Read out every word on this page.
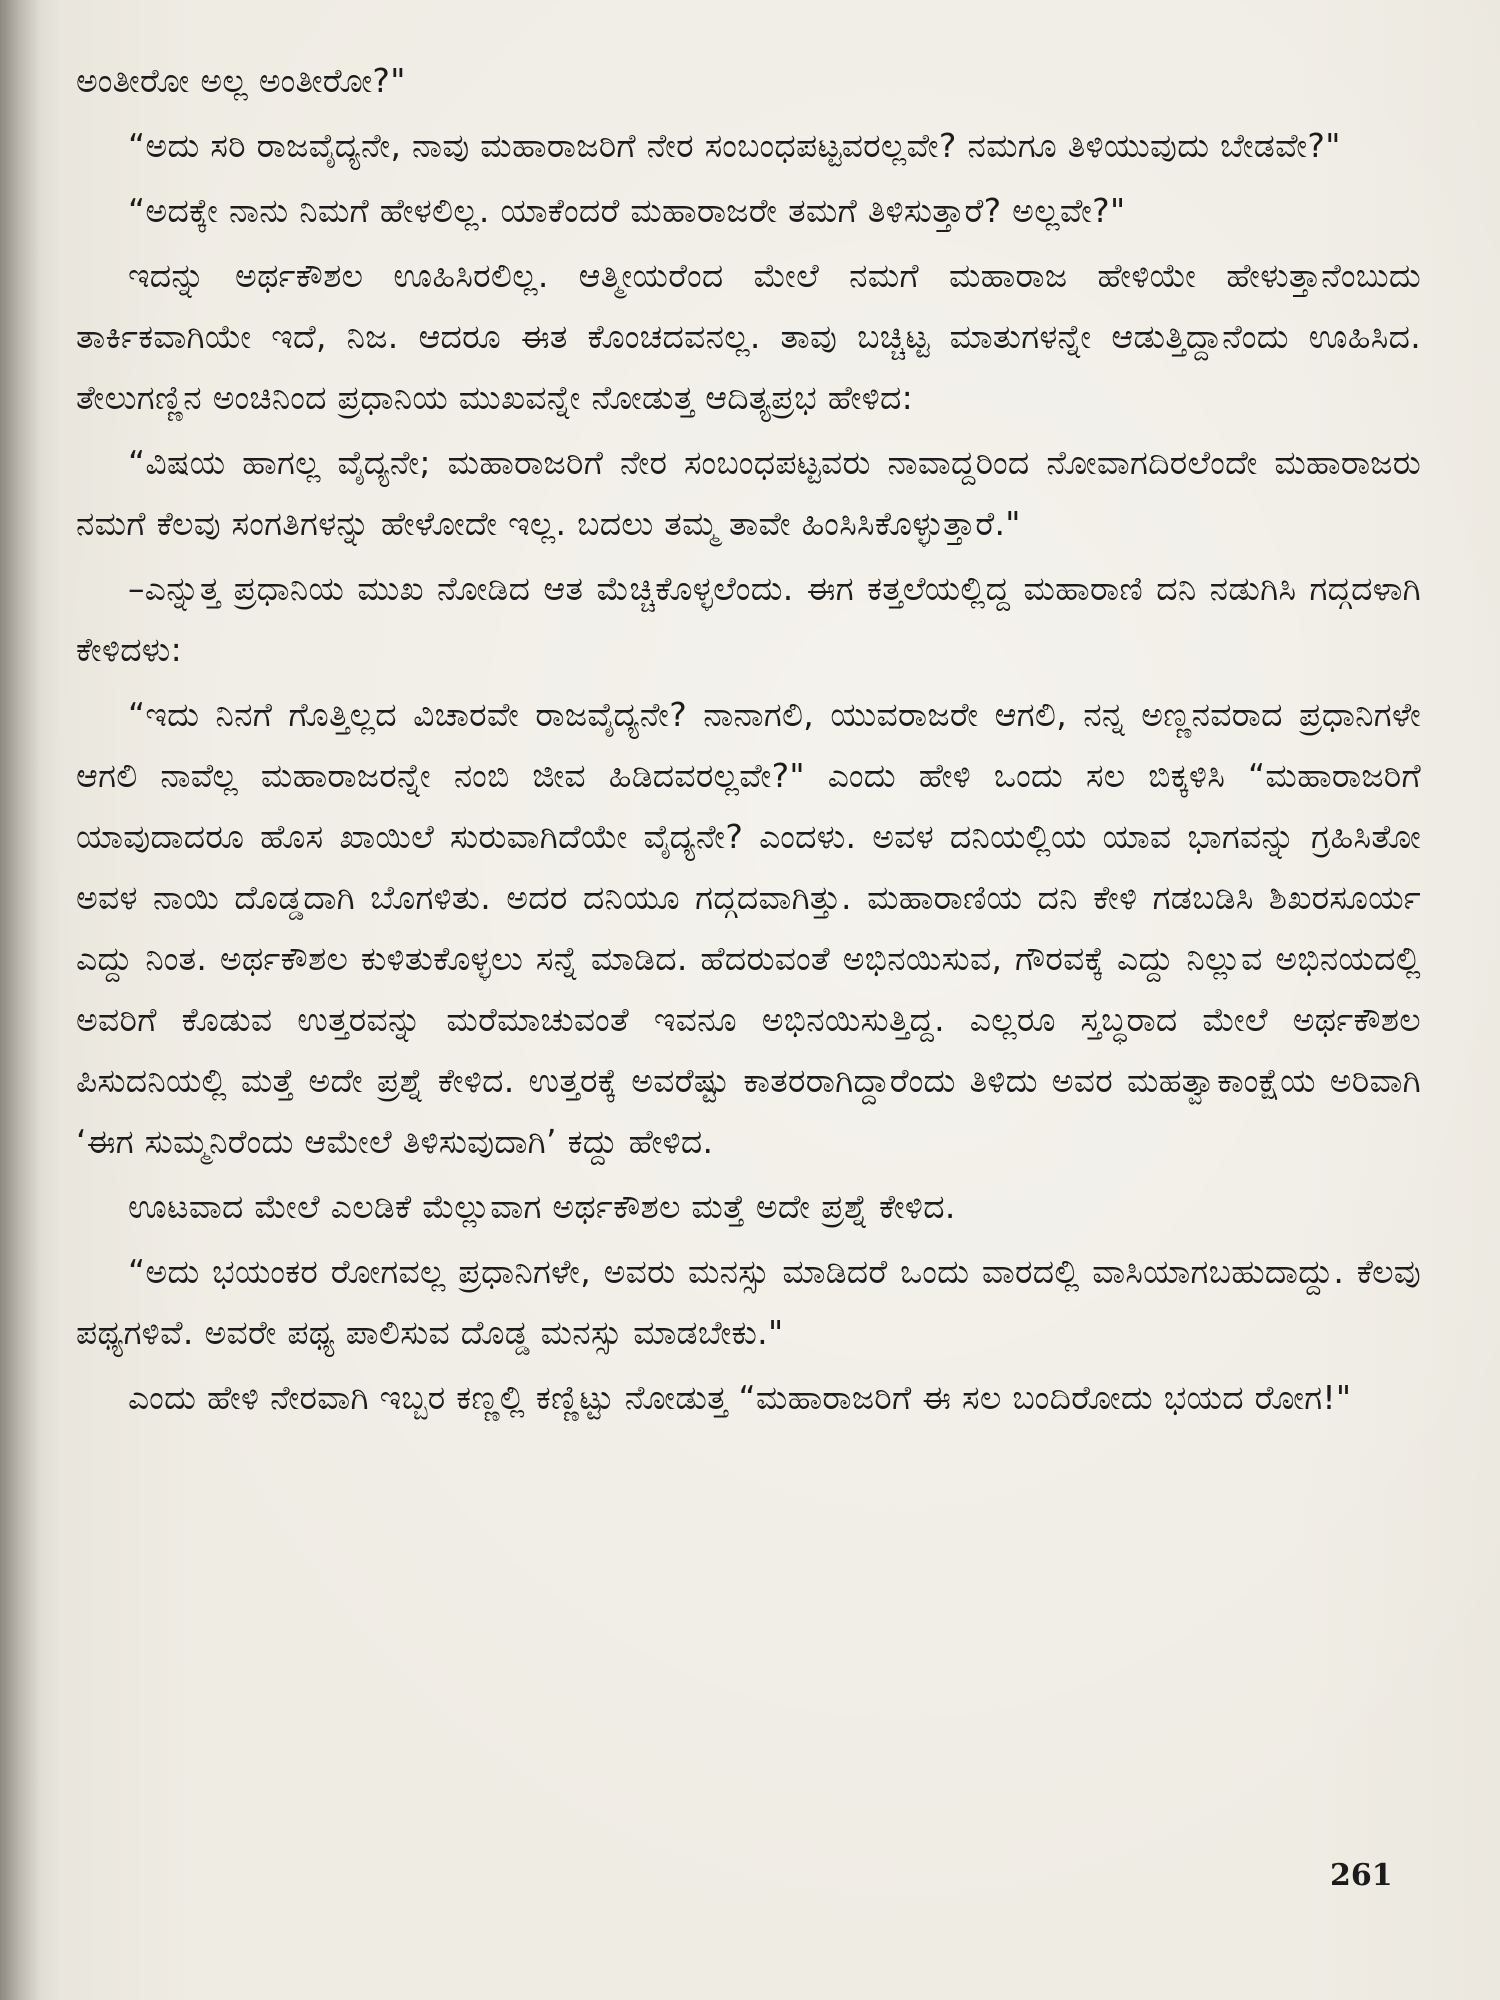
ಅಂತೀರೋ ಅಲ್ಲ ಅಂತೀರೋ?"

“ಅದು ಸರಿ ರಾಜವೈದ್ಯನೇ, ನಾವು ಮಹಾರಾಜರಿಗೆ ನೇರ ಸಂಬಂಧಪಟ್ಟವರಲ್ಲವೇ? ನಮಗೂ ತಿಳಿಯುವುದು ಬೇಡವೇ?"

“ಅದಕ್ಕೇ ನಾನು ನಿಮಗೆ ಹೇಳಲಿಲ್ಲ. ಯಾಕೆಂದರೆ ಮಹಾರಾಜರೇ ತಮಗೆ ತಿಳಿಸುತ್ತಾರೆ? ಅಲ್ಲವೇ?"

ಇದನ್ನು ಅರ್ಥಕೌಶಲ ಊಹಿಸಿರಲಿಲ್ಲ. ಆತ್ಮೀಯರೆಂದ ಮೇಲೆ ನಮಗೆ ಮಹಾರಾಜ ಹೇಳಿಯೇ ಹೇಳುತ್ತಾನೆಂಬುದು ತಾರ್ಕಿಕವಾಗಿಯೇ ಇದೆ, ನಿಜ. ಆದರೂ ಈತ ಕೊಂಚದವನಲ್ಲ. ತಾವು ಬಚ್ಚಿಟ್ಟ ಮಾತುಗಳನ್ನೇ ಆಡುತ್ತಿದ್ದಾನೆಂದು ಊಹಿಸಿದ. ತೇಲುಗಣ್ಣಿನ ಅಂಚಿನಿಂದ ಪ್ರಧಾನಿಯ ಮುಖವನ್ನೇ ನೋಡುತ್ತ ಆದಿತ್ಯಪ್ರಭ ಹೇಳಿದ:

“ವಿಷಯ ಹಾಗಲ್ಲ ವೈದ್ಯನೇ; ಮಹಾರಾಜರಿಗೆ ನೇರ ಸಂಬಂಧಪಟ್ಟವರು ನಾವಾದ್ದರಿಂದ ನೋವಾಗದಿರಲೆಂದೇ ಮಹಾರಾಜರು ನಮಗೆ ಕೆಲವು ಸಂಗತಿಗಳನ್ನು ಹೇಳೋದೇ ಇಲ್ಲ. ಬದಲು ತಮ್ಮ ತಾವೇ ಹಿಂಸಿಸಿಕೊಳ್ಳುತ್ತಾರೆ."

–ಎನ್ನುತ್ತ ಪ್ರಧಾನಿಯ ಮುಖ ನೋಡಿದ ಆತ ಮೆಚ್ಚಿಕೊಳ್ಳಲೆಂದು. ಈಗ ಕತ್ತಲೆಯಲ್ಲಿದ್ದ ಮಹಾರಾಣಿ ದನಿ ನಡುಗಿಸಿ ಗದ್ಗದಳಾಗಿ ಕೇಳಿದಳು:

“ಇದು ನಿನಗೆ ಗೊತ್ತಿಲ್ಲದ ವಿಚಾರವೇ ರಾಜವೈದ್ಯನೇ? ನಾನಾಗಲಿ, ಯುವರಾಜರೇ ಆಗಲಿ, ನನ್ನ ಅಣ್ಣನವರಾದ ಪ್ರಧಾನಿಗಳೇ ಆಗಲಿ ನಾವೆಲ್ಲ ಮಹಾರಾಜರನ್ನೇ ನಂಬಿ ಜೀವ ಹಿಡಿದವರಲ್ಲವೇ?" ಎಂದು ಹೇಳಿ ಒಂದು ಸಲ ಬಿಕ್ಕಳಿಸಿ “ಮಹಾರಾಜರಿಗೆ ಯಾವುದಾದರೂ ಹೊಸ ಖಾಯಿಲೆ ಸುರುವಾಗಿದೆಯೇ ವೈದ್ಯನೇ? ಎಂದಳು. ಅವಳ ದನಿಯಲ್ಲಿಯ ಯಾವ ಭಾಗವನ್ನು ಗ್ರಹಿಸಿತೋ ಅವಳ ನಾಯಿ ದೊಡ್ಡದಾಗಿ ಬೊಗಳಿತು. ಅದರ ದನಿಯೂ ಗದ್ಗದವಾಗಿತ್ತು. ಮಹಾರಾಣಿಯ ದನಿ ಕೇಳಿ ಗಡಬಡಿಸಿ ಶಿಖರಸೂರ್ಯ ಎದ್ದು ನಿಂತ. ಅರ್ಥಕೌಶಲ ಕುಳಿತುಕೊಳ್ಳಲು ಸನ್ನೆ ಮಾಡಿದ. ಹೆದರುವಂತೆ ಅಭಿನಯಿಸುವ, ಗೌರವಕ್ಕೆ ಎದ್ದು ನಿಲ್ಲುವ ಅಭಿನಯದಲ್ಲಿ ಅವರಿಗೆ ಕೊಡುವ ಉತ್ತರವನ್ನು ಮರೆಮಾಚುವಂತೆ ಇವನೂ ಅಭಿನಯಿಸುತ್ತಿದ್ದ. ಎಲ್ಲರೂ ಸ್ತಬ್ಧರಾದ ಮೇಲೆ ಅರ್ಥಕೌಶಲ ಪಿಸುದನಿಯಲ್ಲಿ ಮತ್ತೆ ಅದೇ ಪ್ರಶ್ನೆ ಕೇಳಿದ. ಉತ್ತರಕ್ಕೆ ಅವರೆಷ್ಟು ಕಾತರರಾಗಿದ್ದಾರೆಂದು ತಿಳಿದು ಅವರ ಮಹತ್ವಾಕಾಂಕ್ಷೆಯ ಅರಿವಾಗಿ ‘ಈಗ ಸುಮ್ಮನಿರೆಂದು ಆಮೇಲೆ ತಿಳಿಸುವುದಾಗಿ’ ಕದ್ದು ಹೇಳಿದ.

ಊಟವಾದ ಮೇಲೆ ಎಲಡಿಕೆ ಮೆಲ್ಲುವಾಗ ಅರ್ಥಕೌಶಲ ಮತ್ತೆ ಅದೇ ಪ್ರಶ್ನೆ ಕೇಳಿದ.

“ಅದು ಭಯಂಕರ ರೋಗವಲ್ಲ ಪ್ರಧಾನಿಗಳೇ, ಅವರು ಮನಸ್ಸು ಮಾಡಿದರೆ ಒಂದು ವಾರದಲ್ಲಿ ವಾಸಿಯಾಗಬಹುದಾದ್ದು. ಕೆಲವು ಪಥ್ಯಗಳಿವೆ. ಅವರೇ ಪಥ್ಯ ಪಾಲಿಸುವ ದೊಡ್ಡ ಮನಸ್ಸು ಮಾಡಬೇಕು."

ಎಂದು ಹೇಳಿ ನೇರವಾಗಿ ಇಬ್ಬರ ಕಣ್ಣಲ್ಲಿ ಕಣ್ಣಿಟ್ಟು ನೋಡುತ್ತ “ಮಹಾರಾಜರಿಗೆ ಈ ಸಲ ಬಂದಿರೋದು ಭಯದ ರೋಗ!"

261
